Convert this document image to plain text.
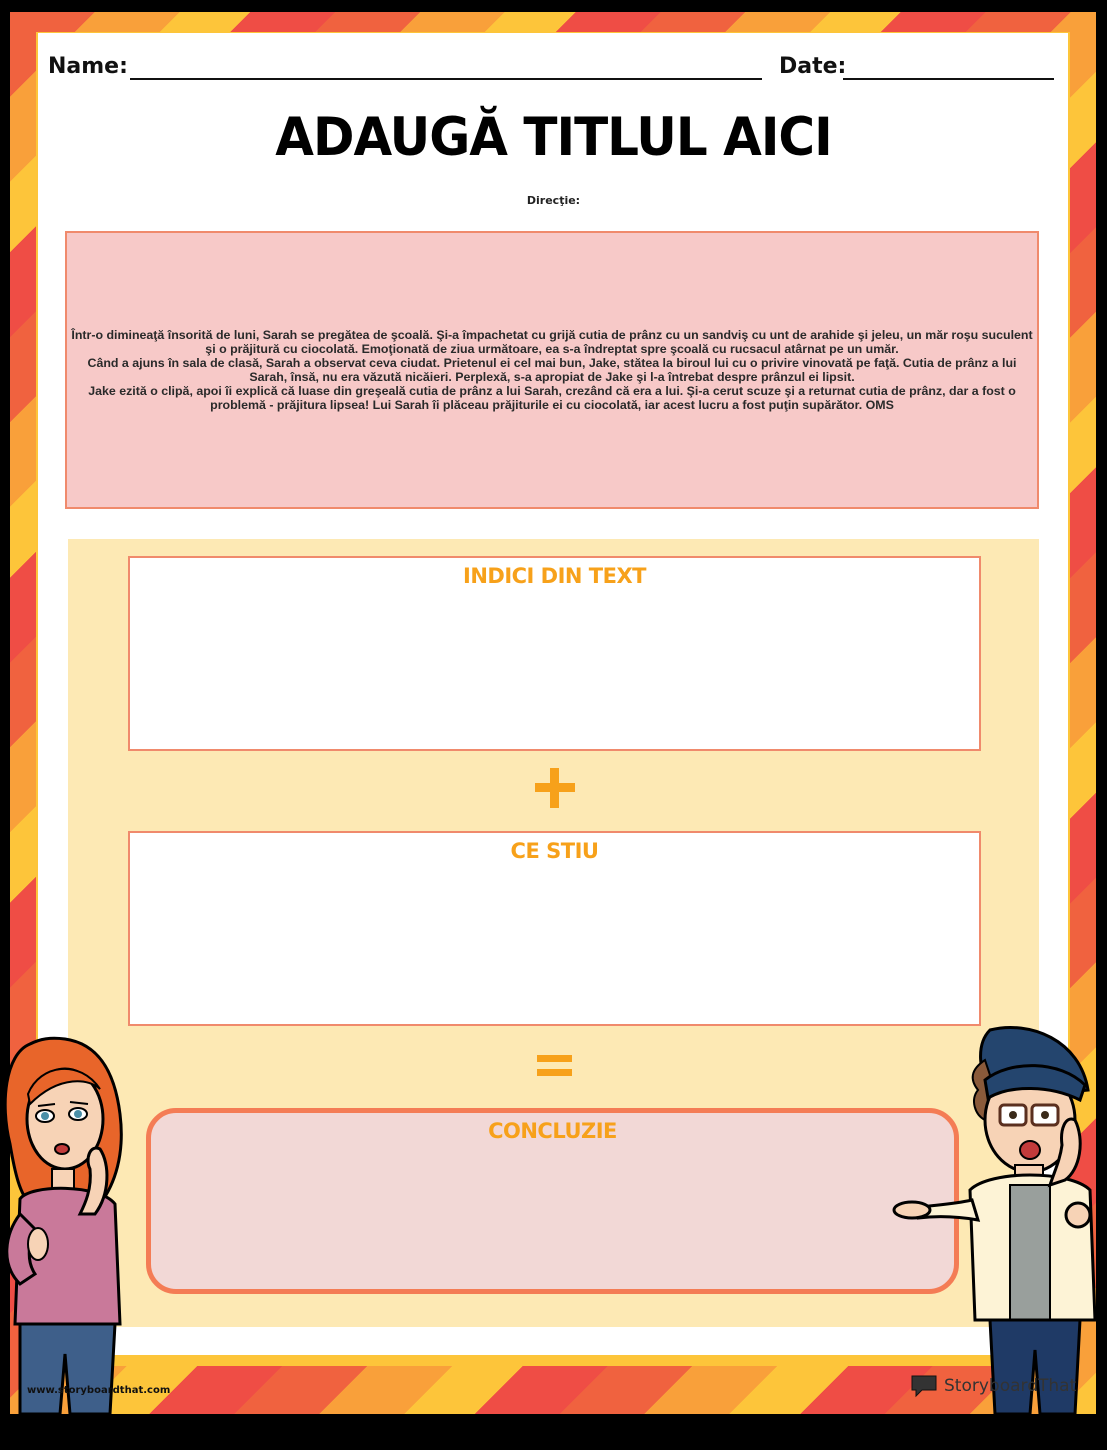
Name:	Date:
ADAUGĂ TITLUL AICI
Direcţie:

Într-o dimineaţă însorită de luni, Sarah se pregătea de şcoală. Şi-a împachetat cu grijă cutia de prânz cu un sandviş cu unt de arahide şi jeleu, un măr roşu suculent şi o prăjitură cu ciocolată. Emoţionată de ziua următoare, ea s-a îndreptat spre şcoală cu rucsacul atârnat pe un umăr.

Când a ajuns în sala de clasă, Sarah a observat ceva ciudat. Prietenul ei cel mai bun, Jake, stătea la biroul lui cu o privire vinovată pe faţă. Cutia de prânz a lui Sarah, însă, nu era văzută nicăieri. Perplexă, s-a apropiat de Jake şi l-a întrebat despre prânzul ei lipsit.

Jake ezită o clipă, apoi îi explică că luase din greşeală cutia de prânz a lui Sarah, crezând că era a lui. Şi-a cerut scuze şi a returnat cutia de prânz, dar a fost o problemă - prăjitura lipsea! Lui Sarah îi plăceau prăjiturile ei cu ciocolată, iar acest lucru a fost puţin supărător. OMS

INDICI DIN TEXT
CE STIU
CONCLUZIE
www.storyboardthat.com	StoryboardThat
